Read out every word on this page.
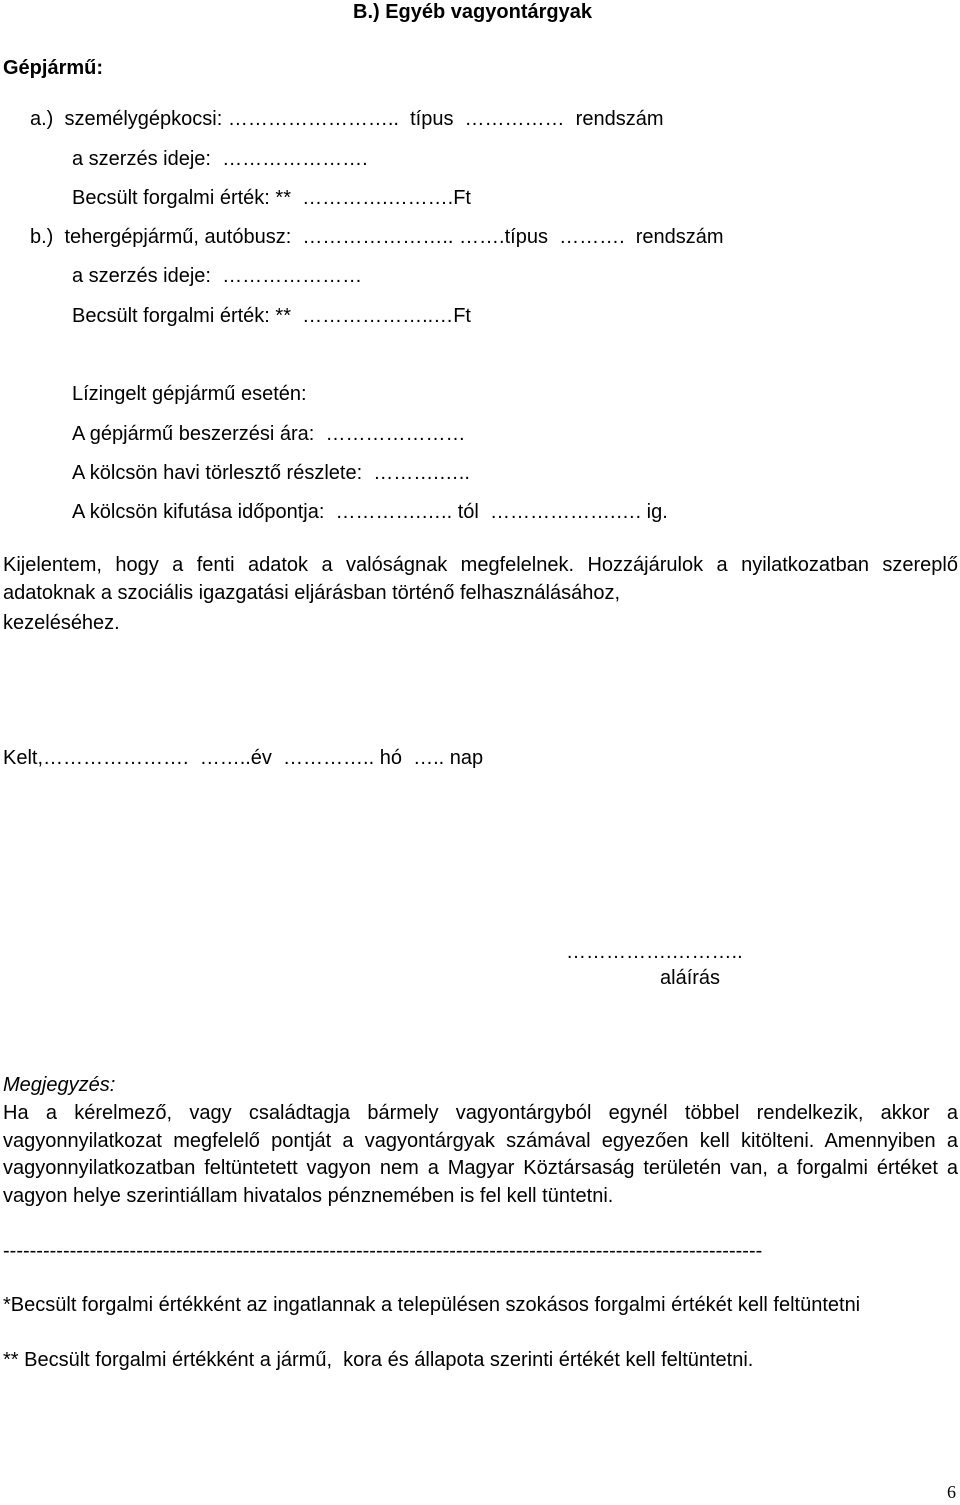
B.) Egyéb vagyontárgyak
Gépjármű:
a.)  személygépkocsi: ……………………..  típus  ……………  rendszám
a szerzés ideje:  ………………….
Becsült forgalmi érték: **  ………….……….Ft
b.)  tehergépjármű, autóbusz:  ………………….. …….típus  ……….  rendszám
a szerzés ideje:  …………………
Becsült forgalmi érték: **  ………………..…Ft
Lízingelt gépjármű esetén:
A gépjármű beszerzési ára:  …………………
A kölcsön havi törlesztő részlete:  ……….…..
A kölcsön kifutása időpontja:  ………….….. tól  ……………….…. ig.
Kijelentem, hogy a fenti adatok a valóságnak megfelelnek. Hozzájárulok a nyilatkozatban szereplő adatoknak a szociális igazgatási eljárásban történő felhasználásához,
kezeléséhez.
Kelt,………………….  ……..év  ………….. hó  ….. nap
…………….………..
aláírás
Megjegyzés:
Ha a kérelmező, vagy családtagja bármely vagyontárgyból egynél többel rendelkezik, akkor a vagyonnyilatkozat megfelelő pontját a vagyontárgyak számával egyezően kell kitölteni. Amennyiben a vagyonnyilatkozatban feltüntetett vagyon nem a Magyar Köztársaság területén van, a forgalmi értéket a vagyon helye szerintiállam hivatalos pénznemében is fel kell tüntetni.
------------------------------------------------------------------------------------------------------------------
*Becsült forgalmi értékként az ingatlannak a településen szokásos forgalmi értékét kell feltüntetni
** Becsült forgalmi értékként a jármű,  kora és állapota szerinti értékét kell feltüntetni.
6
